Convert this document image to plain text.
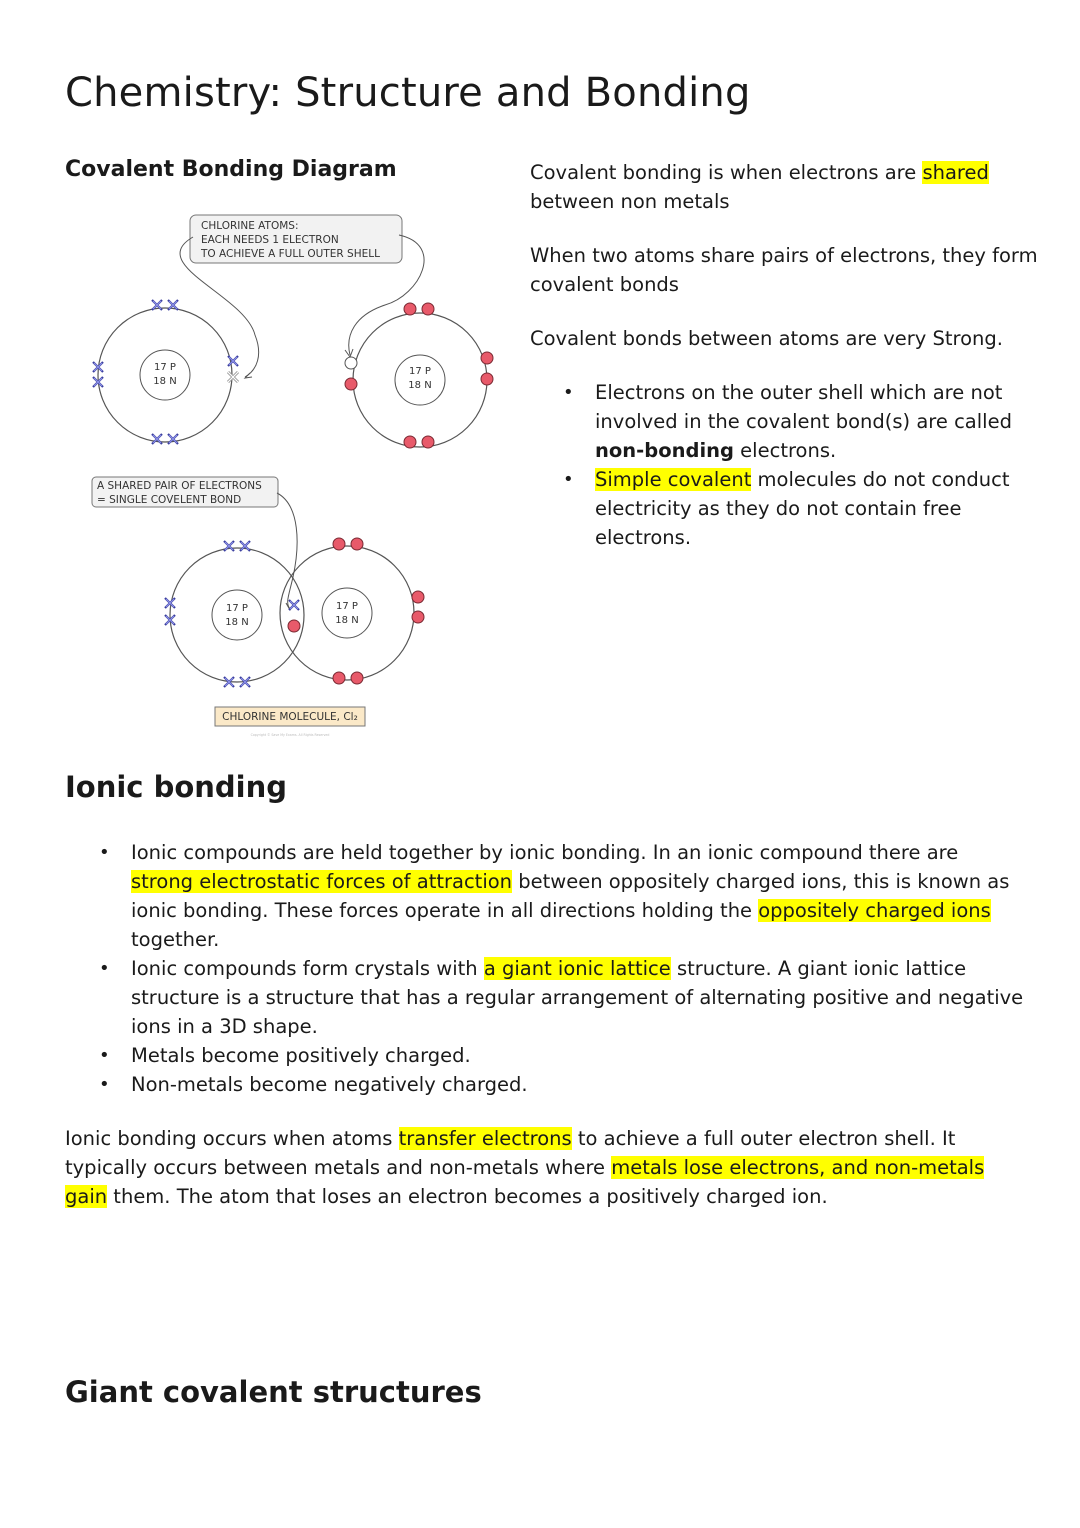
Chemistry: Structure and Bonding
Covalent Bonding Diagram
CHLORINE ATOMS:
EACH NEEDS 1 ELECTRON
TO ACHIEVE A FULL OUTER SHELL
17 P
18 N
17 P
18 N
A SHARED PAIR OF ELECTRONS
= SINGLE COVELENT BOND
17 P
18 N
17 P
18 N
CHLORINE MOLECULE, Cl₂
Copyright © Save My Exams. All Rights Reserved

Covalent bonding is when electrons are shared between non metals

When two atoms share pairs of electrons, they form covalent bonds

Covalent bonds between atoms are very Strong.

• Electrons on the outer shell which are not involved in the covalent bond(s) are called non-bonding electrons.
• Simple covalent molecules do not conduct electricity as they do not contain free electrons.
Ionic bonding
• Ionic compounds are held together by ionic bonding. In an ionic compound there are strong electrostatic forces of attraction between oppositely charged ions, this is known as ionic bonding. These forces operate in all directions holding the oppositely charged ions together.
• Ionic compounds form crystals with a giant ionic lattice structure. A giant ionic lattice structure is a structure that has a regular arrangement of alternating positive and negative ions in a 3D shape.
• Metals become positively charged.
• Non-metals become negatively charged.

Ionic bonding occurs when atoms transfer electrons to achieve a full outer electron shell. It typically occurs between metals and non-metals where metals lose electrons, and non-metals gain them. The atom that loses an electron becomes a positively charged ion.

Giant covalent structures
